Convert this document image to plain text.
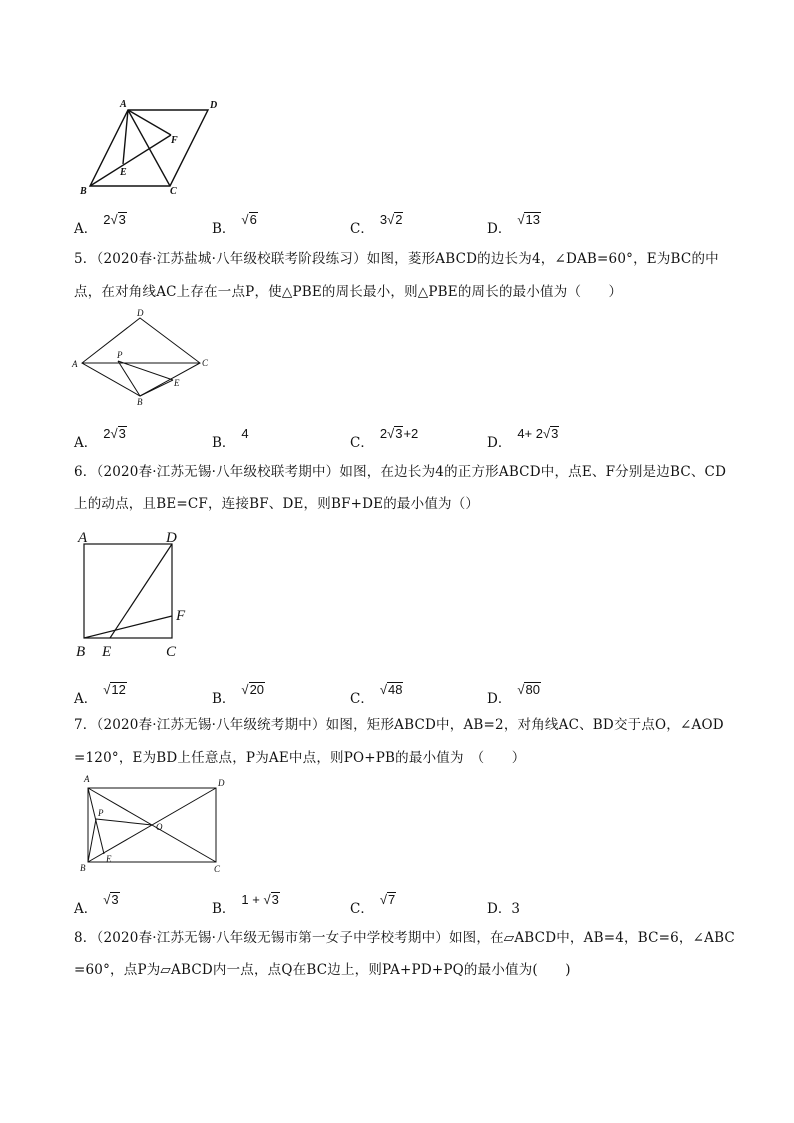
A	D
F
E
B	C
A．2√3
B．√6
C．3√2
D．√13
5．（2020春·江苏盐城·八年级校联考阶段练习）如图，菱形ABCD的边长为4，∠DAB=60°，E为BC的中
点，在对角线AC上存在一点P，使△PBE的周长最小，则△PBE的周长的最小值为（　　）
D
A
P
C
E
B
A．2√3
B．4
C．2√3+2
D．4+ 2√3
6．（2020春·江苏无锡·八年级校联考期中）如图，在边长为4的正方形ABCD中，点E、F分别是边BC、CD
上的动点，且BE=CF，连接BF、DE，则BF+DE的最小值为（）
A	D
F
B E	C
A．√12
B．√20
C．√48
D．√80
7．（2020春·江苏无锡·八年级统考期中）如图，矩形ABCD中，AB=2，对角线AC、BD交于点O，∠AOD
=120°，E为BD上任意点，P为AE中点，则PO+PB的最小值为　（　　）
A	D
P
O
B
E
C
A．√3
B．1 + √3
C．√7
D．3
8．（2020春·江苏无锡·八年级无锡市第一女子中学校考期中）如图，在▱ABCD中，AB=4，BC=6，∠ABC
=60°，点P为▱ABCD内一点，点Q在BC边上，则PA+PD+PQ的最小值为(　　)
